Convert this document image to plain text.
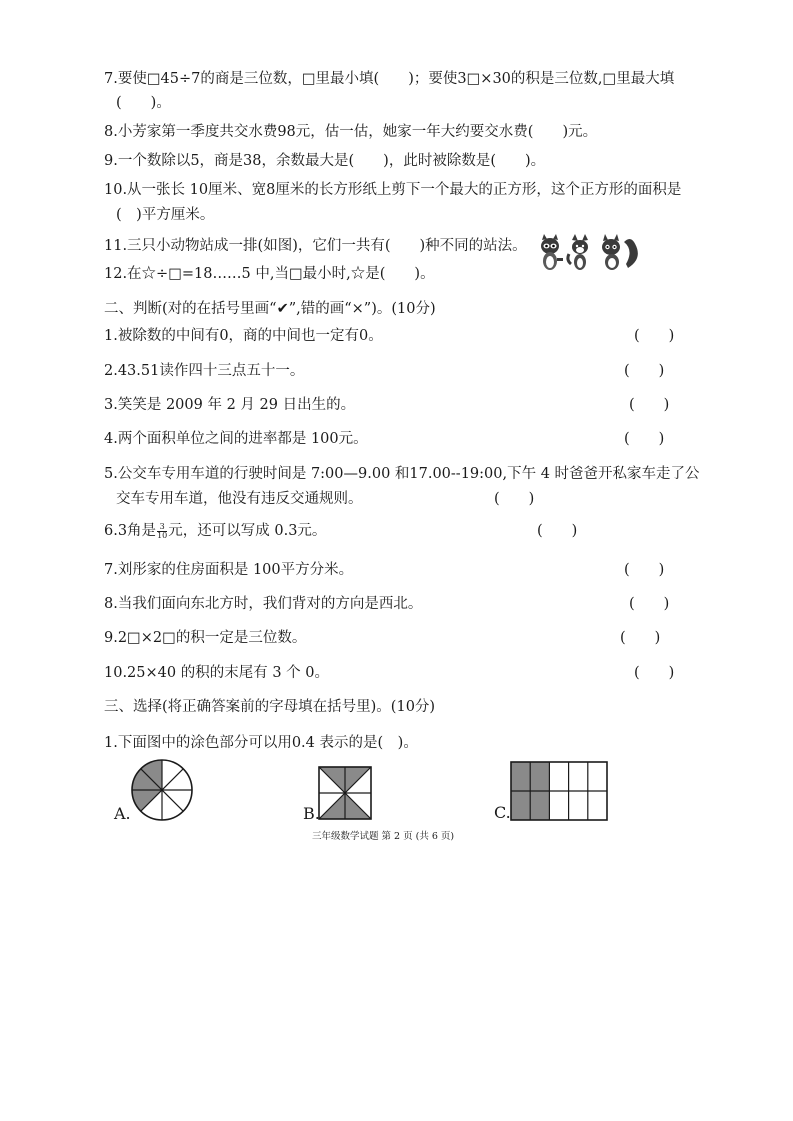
7.要使□45÷7的商是三位数，□里最小填(　　)；要使3□×30的积是三位数,□里最大填
(　　)。
8.小芳家第一季度共交水费98元，估一估，她家一年大约要交水费(　　)元。
9.一个数除以5，商是38，余数最大是(　　)，此时被除数是(　　)。
10.从一张长 10厘米、宽8厘米的长方形纸上剪下一个最大的正方形，这个正方形的面积是
(　)平方厘米。
11.三只小动物站成一排(如图)，它们一共有(　　)种不同的站法。
12.在☆÷□=18……5 中,当□最小时,☆是(　　)。
二、判断(对的在括号里画“✔”,错的画“×”)。(10分)
1.被除数的中间有0，商的中间也一定有0。	(　　)
2.43.51读作四十三点五十一。	(　　)
3.笑笑是 2009 年 2 月 29 日出生的。	(　　)
4.两个面积单位之间的进率都是 100元。	(　　)
5.公交车专用车道的行驶时间是 7:00—9.00 和17.00--19:00,下午 4 时爸爸开私家车走了公
交车专用车道，他没有违反交通规则。	(　　)
6.3角是 $\frac{3}{10}$ 元，还可以写成 0.3元。	(　　)
7.刘彤家的住房面积是 100平方分米。	(　　)
8.当我们面向东北方时，我们背对的方向是西北。	(　　)
9.2□×2□的积一定是三位数。	(　　)
10.25×40 的积的末尾有 3 个 0。	(　　)
三、选择(将正确答案前的字母填在括号里)。(10分)
1.下面图中的涂色部分可以用0.4 表示的是(　)。
A.	B.	C.
三年级数学试题 第 2 页 (共 6 页)
